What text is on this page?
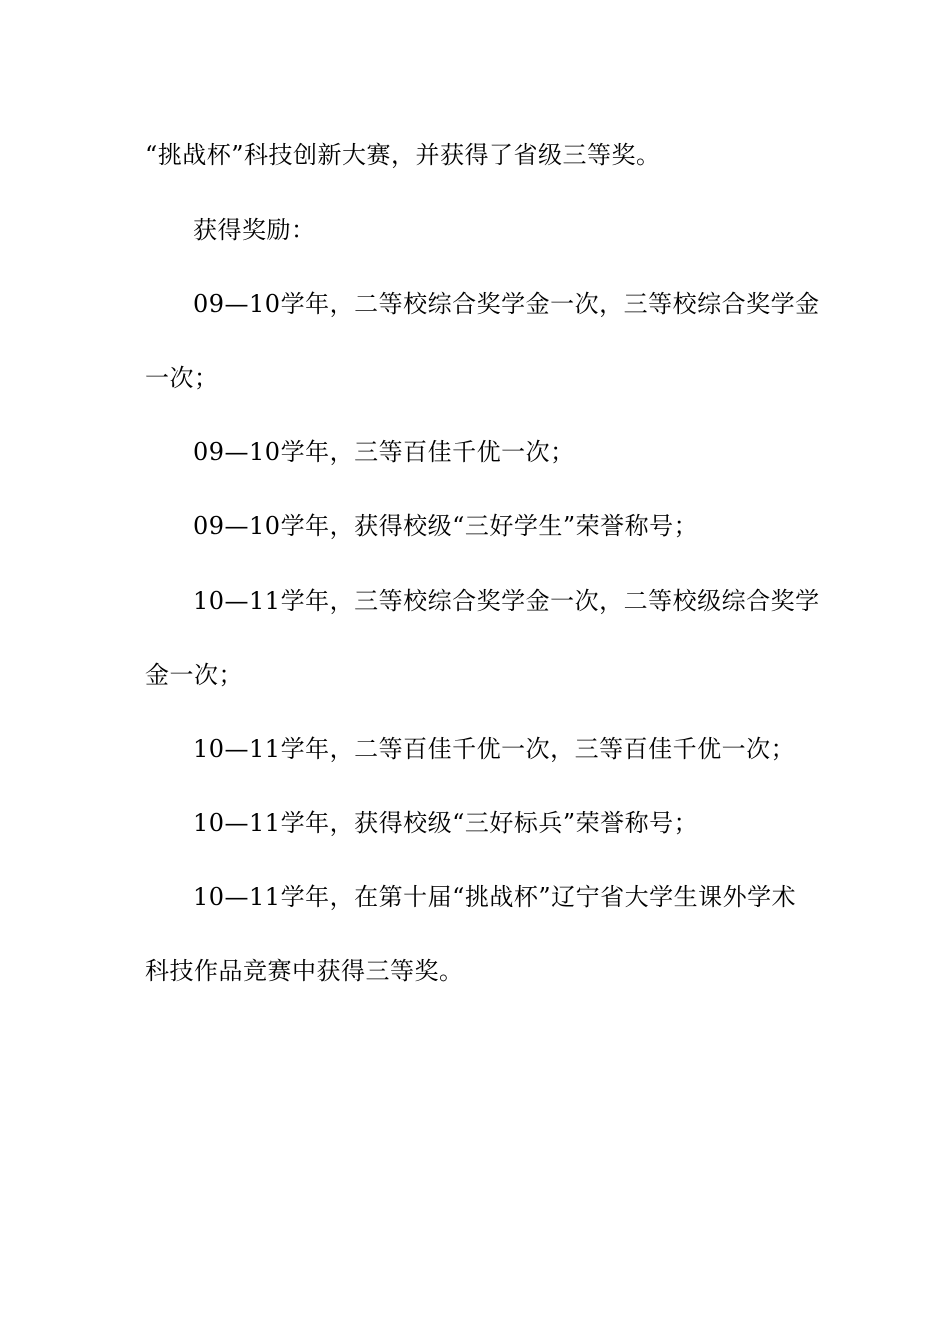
“挑战杯”科技创新大赛，并获得了省级三等奖。

获得奖励：

09—10学年，二等校综合奖学金一次，三等校综合奖学金

一次；

09—10学年，三等百佳千优一次；

09—10学年，获得校级“三好学生”荣誉称号；

10—11学年，三等校综合奖学金一次，二等校级综合奖学

金一次；

10—11学年，二等百佳千优一次，三等百佳千优一次；

10—11学年，获得校级“三好标兵”荣誉称号；

10—11学年，在第十届“挑战杯”辽宁省大学生课外学术

科技作品竞赛中获得三等奖。
